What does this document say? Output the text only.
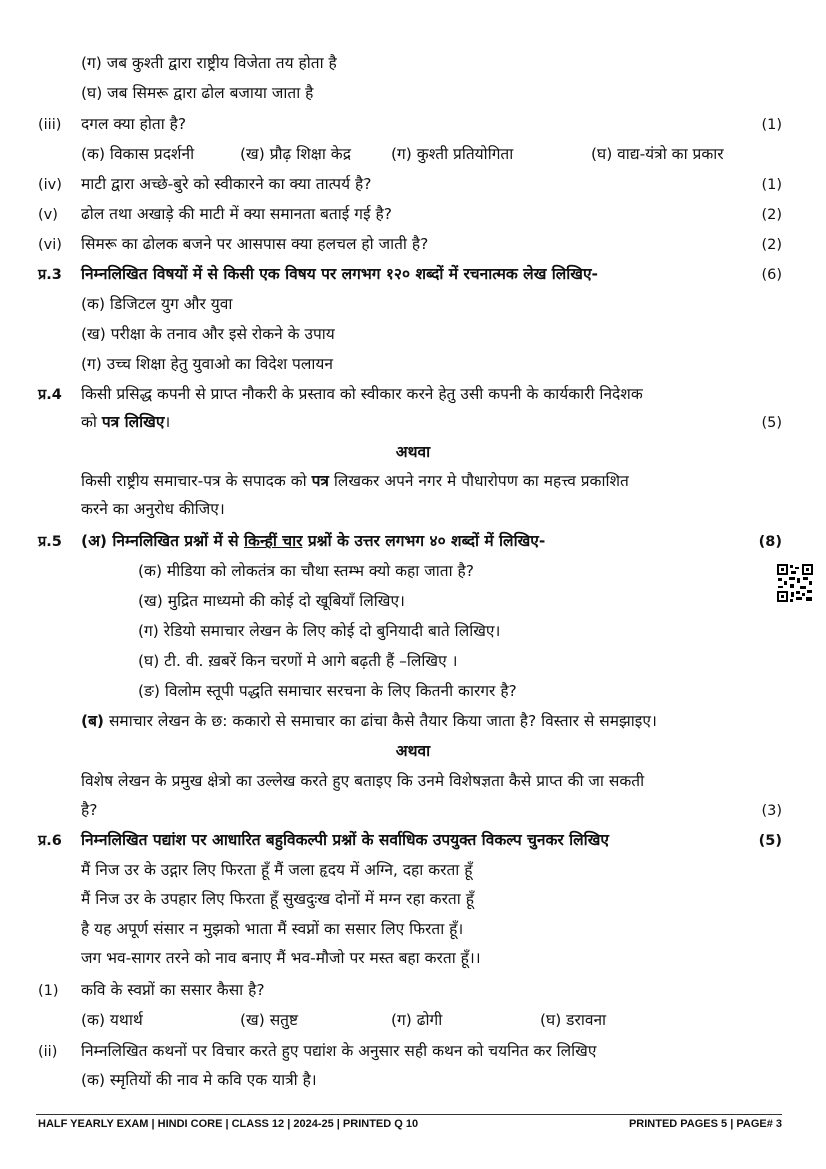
(ग) जब कुश्ती द्वारा राष्ट्रीय विजेता तय होता है
(घ) जब सिमरू द्वारा ढोल बजाया जाता है
(iii) दगल क्या होता है?	(1)
(क) विकास प्रदर्शनी	(ख) प्रौढ़ शिक्षा केद्र	(ग) कुश्ती प्रतियोगिता	(घ) वाद्य-यंत्रो का प्रकार
(iv) माटी द्वारा अच्छे-बुरे को स्वीकारने का क्या तात्पर्य है?	(1)
(v) ढोल तथा अखाड़े की माटी में क्या समानता बताई गई है?	(2)
(vi) सिमरू का ढोलक बजने पर आसपास क्या हलचल हो जाती है?	(2)
प्र.3 निम्नलिखित विषयों में से किसी एक विषय पर लगभग १२० शब्दों में रचनात्मक लेख लिखिए-	(6)
(क) डिजिटल युग और युवा
(ख) परीक्षा के तनाव और इसे रोकने के उपाय
(ग) उच्च शिक्षा हेतु युवाओ का विदेश पलायन
प्र.4 किसी प्रसिद्ध कपनी से प्राप्त नौकरी के प्रस्ताव को स्वीकार करने हेतु उसी कपनी के कार्यकारी निदेशक
को पत्र लिखिए।	(5)
अथवा
किसी राष्ट्रीय समाचार-पत्र के सपादक को पत्र लिखकर अपने नगर मे पौधारोपण का महत्त्व प्रकाशित
करने का अनुरोध कीजिए।
प्र.5 (अ) निम्नलिखित प्रश्नों में से किन्हीं चार प्रश्नों के उत्तर लगभग ४० शब्दों में लिखिए-	(8)
(क) मीडिया को लोकतंत्र का चौथा स्तम्भ क्यो कहा जाता है?
(ख) मुद्रित माध्यमो की कोई दो खूबियाँ लिखिए।
(ग) रेडियो समाचार लेखन के लिए कोई दो बुनियादी बाते लिखिए।
(घ) टी. वी. ख़बरें किन चरणों मे आगे बढ़ती हैं –लिखिए ।
(ङ) विलोम स्तूपी पद्धति समाचार सरचना के लिए कितनी कारगर है?
(ब) समाचार लेखन के छ: ककारो से समाचार का ढांचा कैसे तैयार किया जाता है? विस्तार से समझाइए।
अथवा
विशेष लेखन के प्रमुख क्षेत्रो का उल्लेख करते हुए बताइए कि उनमे विशेषज्ञता कैसे प्राप्त की जा सकती
है?	(3)
प्र.6 निम्नलिखित पद्यांश पर आधारित बहुविकल्पी प्रश्नों के सर्वाधिक उपयुक्त विकल्प चुनकर लिखिए	(5)
मैं निज उर के उद्गार लिए फिरता हूँ मैं जला हृदय में अग्नि, दहा करता हूँ
मैं निज उर के उपहार लिए फिरता हूँ सुखदुःख दोनों में मग्न रहा करता हूँ
है यह अपूर्ण संसार न मुझको भाता मैं स्वप्नों का ससार लिए फिरता हूँ।
जग भव-सागर तरने को नाव बनाए मैं भव-मौजो पर मस्त बहा करता हूँ।।
(1) कवि के स्वप्नों का ससार कैसा है?
(क) यथार्थ	(ख) सतुष्ट	(ग) ढोगी	(घ) डरावना
(ii) निम्नलिखित कथनों पर विचार करते हुए पद्यांश के अनुसार सही कथन को चयनित कर लिखिए
(क) स्मृतियों की नाव मे कवि एक यात्री है।
HALF YEARLY EXAM | HINDI CORE | CLASS 12 | 2024-25 | PRINTED Q 10	PRINTED PAGES 5 | PAGE# 3
